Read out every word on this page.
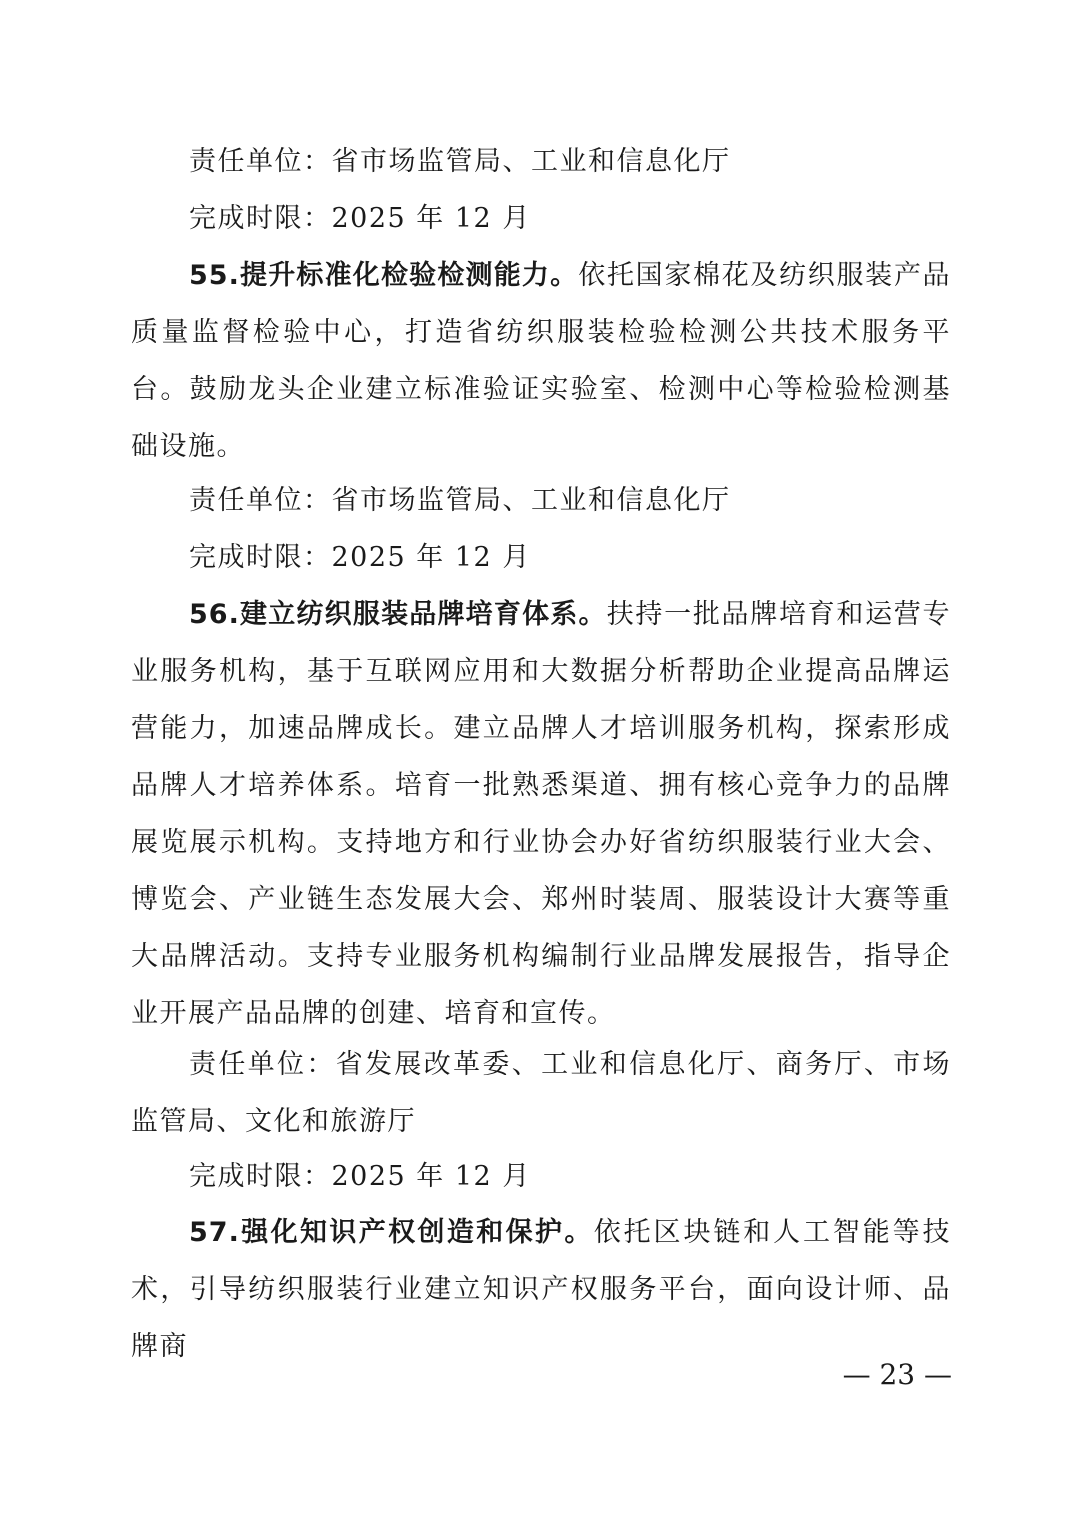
责任单位：省市场监管局、工业和信息化厅

完成时限：2025 年 12 月

55.提升标准化检验检测能力。依托国家棉花及纺织服装产品质量监督检验中心，打造省纺织服装检验检测公共技术服务平台。鼓励龙头企业建立标准验证实验室、检测中心等检验检测基础设施。

责任单位：省市场监管局、工业和信息化厅

完成时限：2025 年 12 月

56.建立纺织服装品牌培育体系。扶持一批品牌培育和运营专业服务机构，基于互联网应用和大数据分析帮助企业提高品牌运营能力，加速品牌成长。建立品牌人才培训服务机构，探索形成品牌人才培养体系。培育一批熟悉渠道、拥有核心竞争力的品牌展览展示机构。支持地方和行业协会办好省纺织服装行业大会、博览会、产业链生态发展大会、郑州时装周、服装设计大赛等重大品牌活动。支持专业服务机构编制行业品牌发展报告，指导企业开展产品品牌的创建、培育和宣传。

责任单位：省发展改革委、工业和信息化厅、商务厅、市场监管局、文化和旅游厅

完成时限：2025 年 12 月

57.强化知识产权创造和保护。依托区块链和人工智能等技术，引导纺织服装行业建立知识产权服务平台，面向设计师、品牌商

— 23 —
